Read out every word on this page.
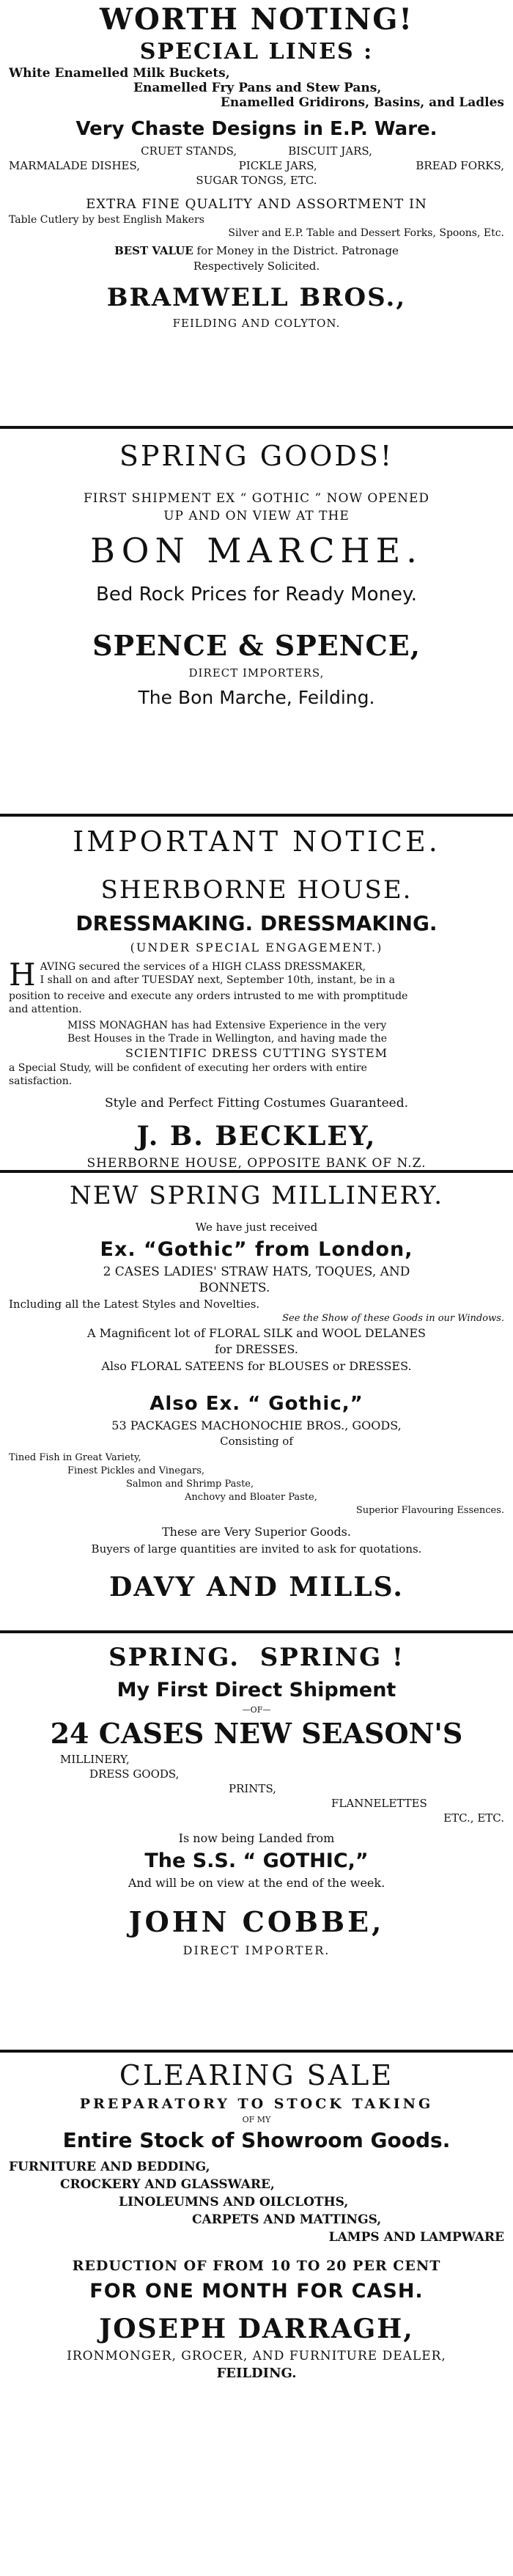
WORTH NOTING!

SPECIAL LINES :

White Enamelled Milk Buckets,

Enamelled Fry Pans and Stew Pans,

Enamelled Gridirons, Basins, and Ladles

Very Chaste Designs in E.P. Ware.

CRUET STANDS,	BISCUIT JARS,
MARMALADE DISHES,	PICKLE JARS,	BREAD FORKS,

SUGAR TONGS, ETC.

EXTRA FINE QUALITY AND ASSORTMENT IN

Table Cutlery by best English Makers

Silver and E.P. Table and Dessert Forks, Spoons, Etc.

BEST VALUE for Money in the District. Patronage

Respectively Solicited.

BRAMWELL BROS.,

FEILDING AND COLYTON.

SPRING GOODS!

FIRST SHIPMENT EX “ GOTHIC ” NOW OPENED

UP AND ON VIEW AT THE

BON MARCHE.

Bed Rock Prices for Ready Money.

SPENCE & SPENCE,

DIRECT IMPORTERS,

The Bon Marche, Feilding.

IMPORTANT NOTICE.

SHERBORNE HOUSE.

DRESSMAKING. DRESSMAKING.

(UNDER SPECIAL ENGAGEMENT.)

H AVING secured the services of a HIGH CLASS DRESSMAKER,

I shall on and after TUESDAY next, September 10th, instant, be in a

position to receive and execute any orders intrusted to me with promptitude

and attention.

MISS MONAGHAN has had Extensive Experience in the very

Best Houses in the Trade in Wellington, and having made the

SCIENTIFIC DRESS CUTTING SYSTEM

a Special Study, will be confident of executing her orders with entire

satisfaction.

Style and Perfect Fitting Costumes Guaranteed.

J. B. BECKLEY,

SHERBORNE HOUSE, OPPOSITE BANK OF N.Z.

NEW SPRING MILLINERY.

We have just received

Ex. “Gothic” from London,

2 CASES LADIES' STRAW HATS, TOQUES, AND

BONNETS.

Including all the Latest Styles and Novelties.

See the Show of these Goods in our Windows.

A Magnificent lot of FLORAL SILK and WOOL DELANES

for DRESSES.

Also FLORAL SATEENS for BLOUSES or DRESSES.

Also Ex. “ Gothic,”

53 PACKAGES MACHONOCHIE BROS., GOODS,

Consisting of

Tined Fish in Great Variety,

Finest Pickles and Vinegars,

Salmon and Shrimp Paste,

Anchovy and Bloater Paste,

Superior Flavouring Essences.

These are Very Superior Goods.

Buyers of large quantities are invited to ask for quotations.

DAVY AND MILLS.

SPRING.  SPRING !

My First Direct Shipment

—OF—

24 CASES NEW SEASON'S

MILLINERY,

DRESS GOODS,

PRINTS,

FLANNELETTES

ETC., ETC.

Is now being Landed from

The S.S. “ GOTHIC,”

And will be on view at the end of the week.

JOHN COBBE,

DIRECT IMPORTER.

CLEARING SALE

PREPARATORY TO STOCK TAKING

OF MY

Entire Stock of Showroom Goods.

FURNITURE AND BEDDING,

CROCKERY AND GLASSWARE,

LINOLEUMNS AND OILCLOTHS,

CARPETS AND MATTINGS,

LAMPS AND LAMPWARE

REDUCTION OF FROM 10 TO 20 PER CENT

FOR ONE MONTH FOR CASH.

JOSEPH DARRAGH,

IRONMONGER, GROCER, AND FURNITURE DEALER,

FEILDING.
